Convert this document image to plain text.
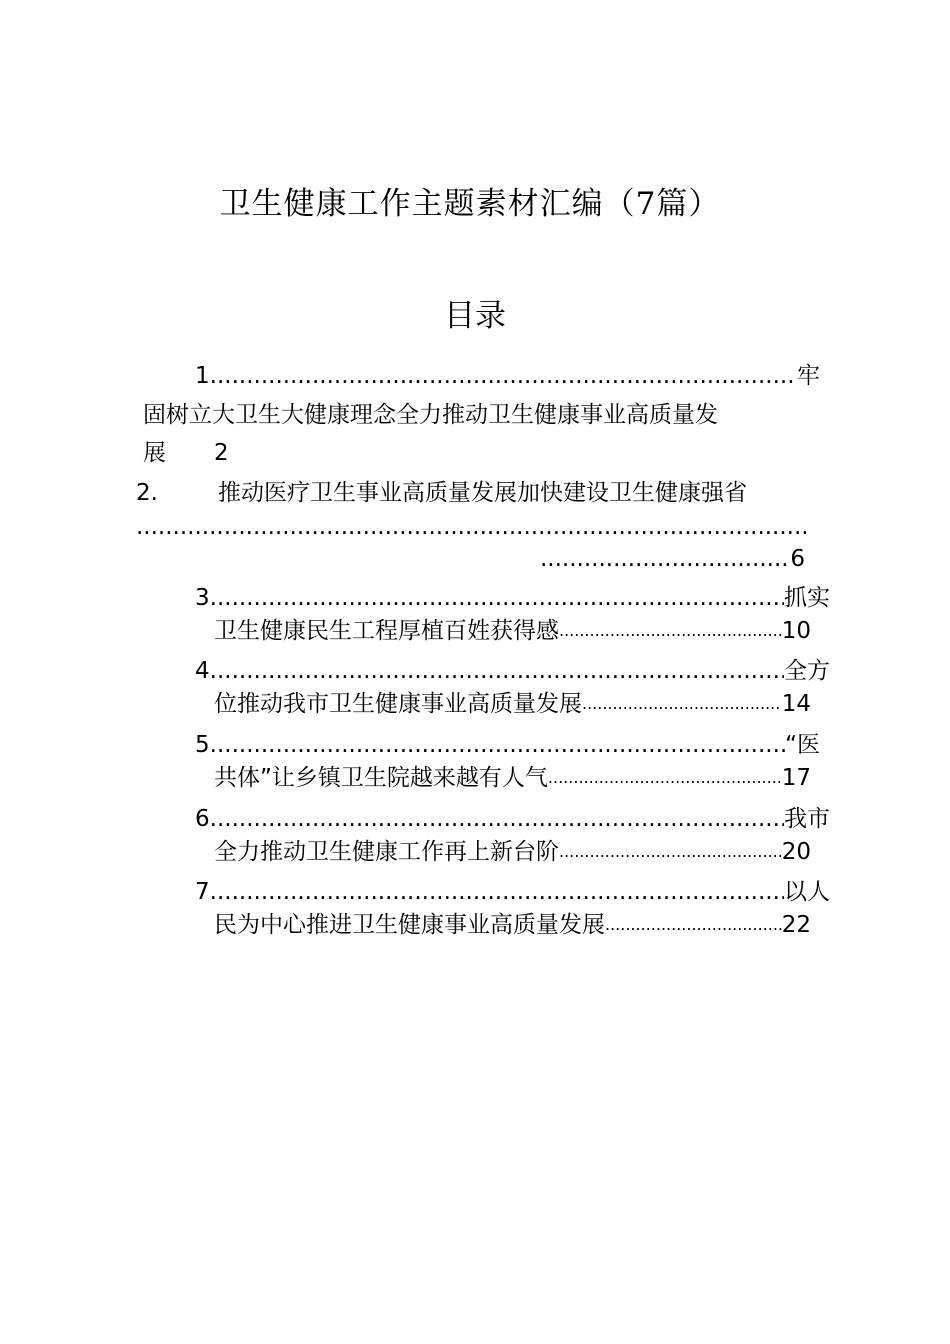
卫生健康工作主题素材汇编（7篇）
目录
1 .....	牢
固树立大卫生大健康理念全力推动卫生健康事业高质量发
展 2
2.	推动医疗卫生事业高质量发展加快建设卫生健康强省
.....
.....
6
3 .....	抓实
卫生健康民生工程厚植百姓获得感 .....	10
4 .....	全方
位推动我市卫生健康事业高质量发展 .....	14
5 .....	“医
共体”让乡镇卫生院越来越有人气 .....	17
6 .....	我市
全力推动卫生健康工作再上新台阶 .....	20
7 .....	以人
民为中心推进卫生健康事业高质量发展 .....	22
